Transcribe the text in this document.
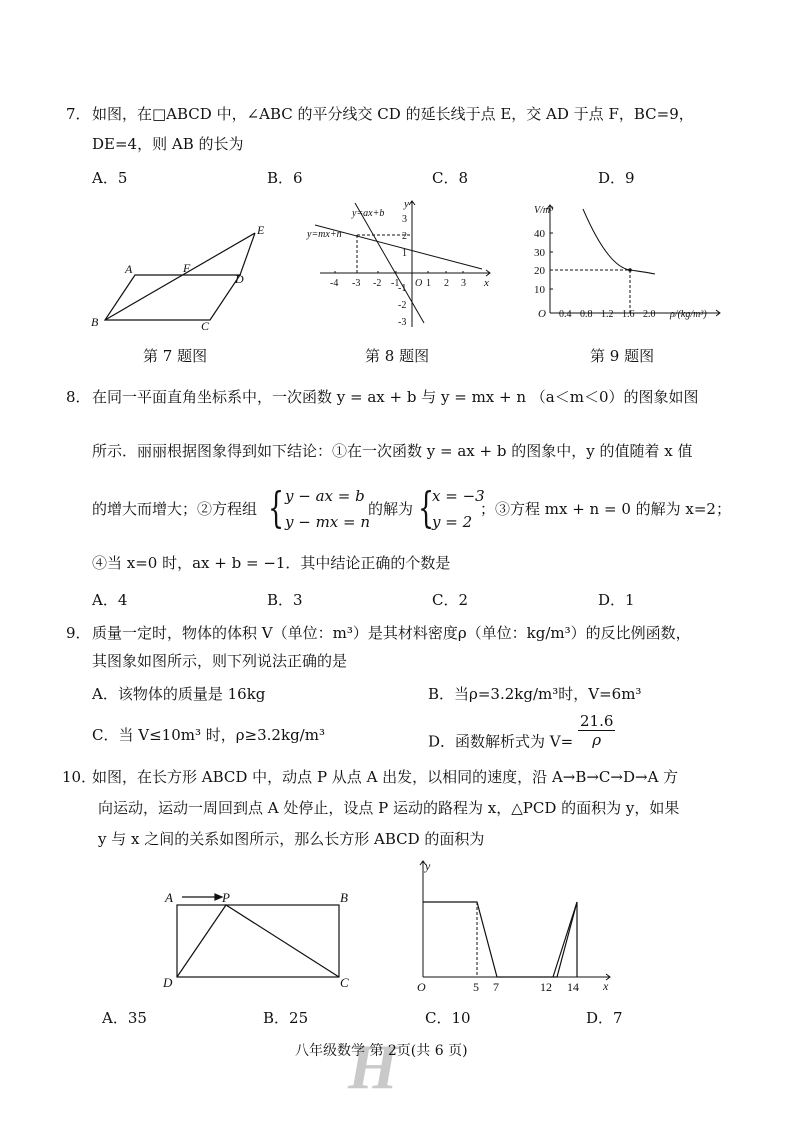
7． 如图，在□ABCD 中，∠ABC 的平分线交 CD 的延长线于点 E，交 AD 于点 F，BC=9，
DE=4，则 AB 的长为
A．5	B．6	C．8	D．9
A	F
D
E
B	C
第 7 题图
y=ax+b
y=mx+n
y
x
O
-4 -3 -2 -1	1 2 3
3
2
1
-1
-2
-3
第 8 题图
V/m³
40
30
20
10
O 0.4 0.8 1.2 1.6 2.0 ρ/(kg/m³)
第 9 题图
8． 在同一平面直角坐标系中，一次函数 y = ax + b 与 y = mx + n （a＜m＜0）的图象如图
所示．丽丽根据图象得到如下结论：①在一次函数 y = ax + b 的图象中，y 的值随着 x 值
的增大而增大；②方程组 { y − ax = b
y − mx = n
的解为 {
x = −3
y = 2
；③方程 mx + n = 0 的解为 x=2；
④当 x=0 时，ax + b = −1．其中结论正确的个数是
A．4	B．3	C．2	D．1
9． 质量一定时，物体的体积 V（单位：m³）是其材料密度ρ（单位：kg/m³）的反比例函数，
其图象如图所示，则下列说法正确的是
A．该物体的质量是 16kg	B．当ρ=3.2kg/m³时，V=6m³
C．当 V≤10m³ 时，ρ≥3.2kg/m³	D．函数解析式为 $V= \frac{21.6}{\rho}$
10．
如图，在长方形 ABCD 中，动点 P 从点 A 出发，以相同的速度，沿 A→B→C→D→A 方
向运动，运动一周回到点 A 处停止，设点 P 运动的路程为 x，△PCD 的面积为 y，如果
y 与 x 之间的关系如图所示，那么长方形 ABCD 的面积为
A	P	B
D	C
y
x
O	5 7	12 14
A．35	B．25	C．10	D．7
H
八年级数学 第 2页(共 6 页)
